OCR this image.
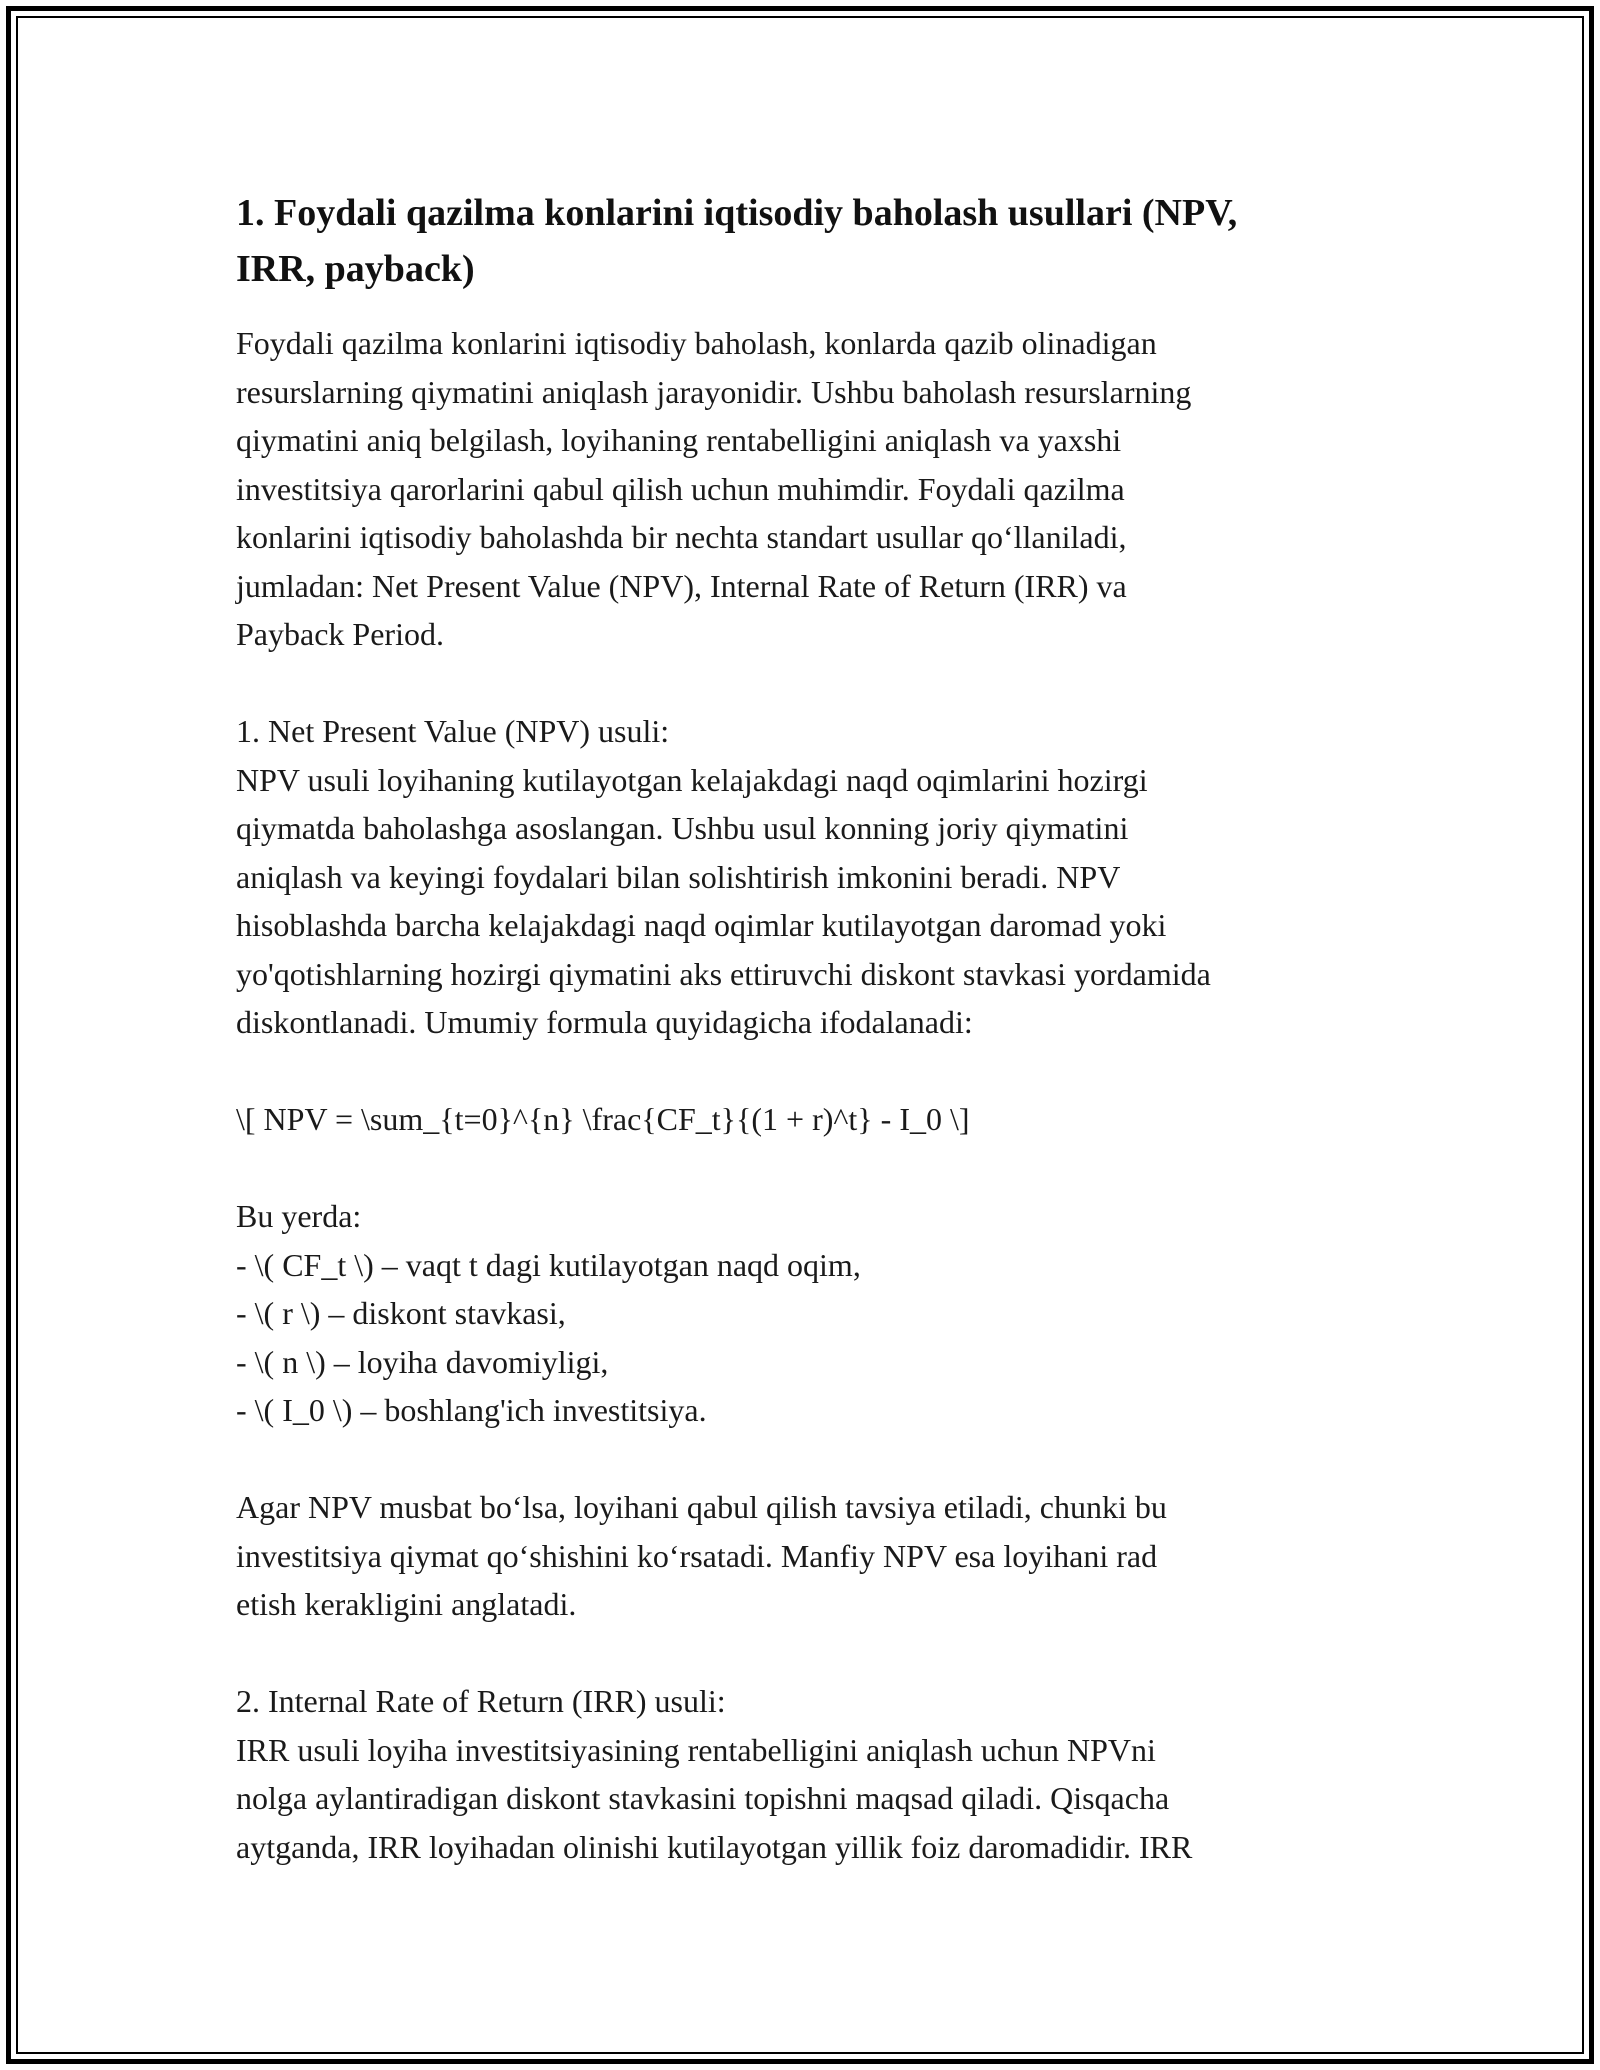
1. Foydali qazilma konlarini iqtisodiy baholash usullari (NPV,
IRR, payback)
Foydali qazilma konlarini iqtisodiy baholash, konlarda qazib olinadigan
resurslarning qiymatini aniqlash jarayonidir. Ushbu baholash resurslarning
qiymatini aniq belgilash, loyihaning rentabelligini aniqlash va yaxshi
investitsiya qarorlarini qabul qilish uchun muhimdir. Foydali qazilma
konlarini iqtisodiy baholashda bir nechta standart usullar qo‘llaniladi,
jumladan: Net Present Value (NPV), Internal Rate of Return (IRR) va
Payback Period.
1. Net Present Value (NPV) usuli:
NPV usuli loyihaning kutilayotgan kelajakdagi naqd oqimlarini hozirgi
qiymatda baholashga asoslangan. Ushbu usul konning joriy qiymatini
aniqlash va keyingi foydalari bilan solishtirish imkonini beradi. NPV
hisoblashda barcha kelajakdagi naqd oqimlar kutilayotgan daromad yoki
yo'qotishlarning hozirgi qiymatini aks ettiruvchi diskont stavkasi yordamida
diskontlanadi. Umumiy formula quyidagicha ifodalanadi:
\[ NPV = \sum_{t=0}^{n} \frac{CF_t}{(1 + r)^t} - I_0 \]
Bu yerda:
- \( CF_t \) – vaqt t dagi kutilayotgan naqd oqim,
- \( r \) – diskont stavkasi,
- \( n \) – loyiha davomiyligi,
- \( I_0 \) – boshlang'ich investitsiya.
Agar NPV musbat bo‘lsa, loyihani qabul qilish tavsiya etiladi, chunki bu
investitsiya qiymat qo‘shishini ko‘rsatadi. Manfiy NPV esa loyihani rad
etish kerakligini anglatadi.
2. Internal Rate of Return (IRR) usuli:
IRR usuli loyiha investitsiyasining rentabelligini aniqlash uchun NPVni
nolga aylantiradigan diskont stavkasini topishni maqsad qiladi. Qisqacha
aytganda, IRR loyihadan olinishi kutilayotgan yillik foiz daromadidir. IRR
